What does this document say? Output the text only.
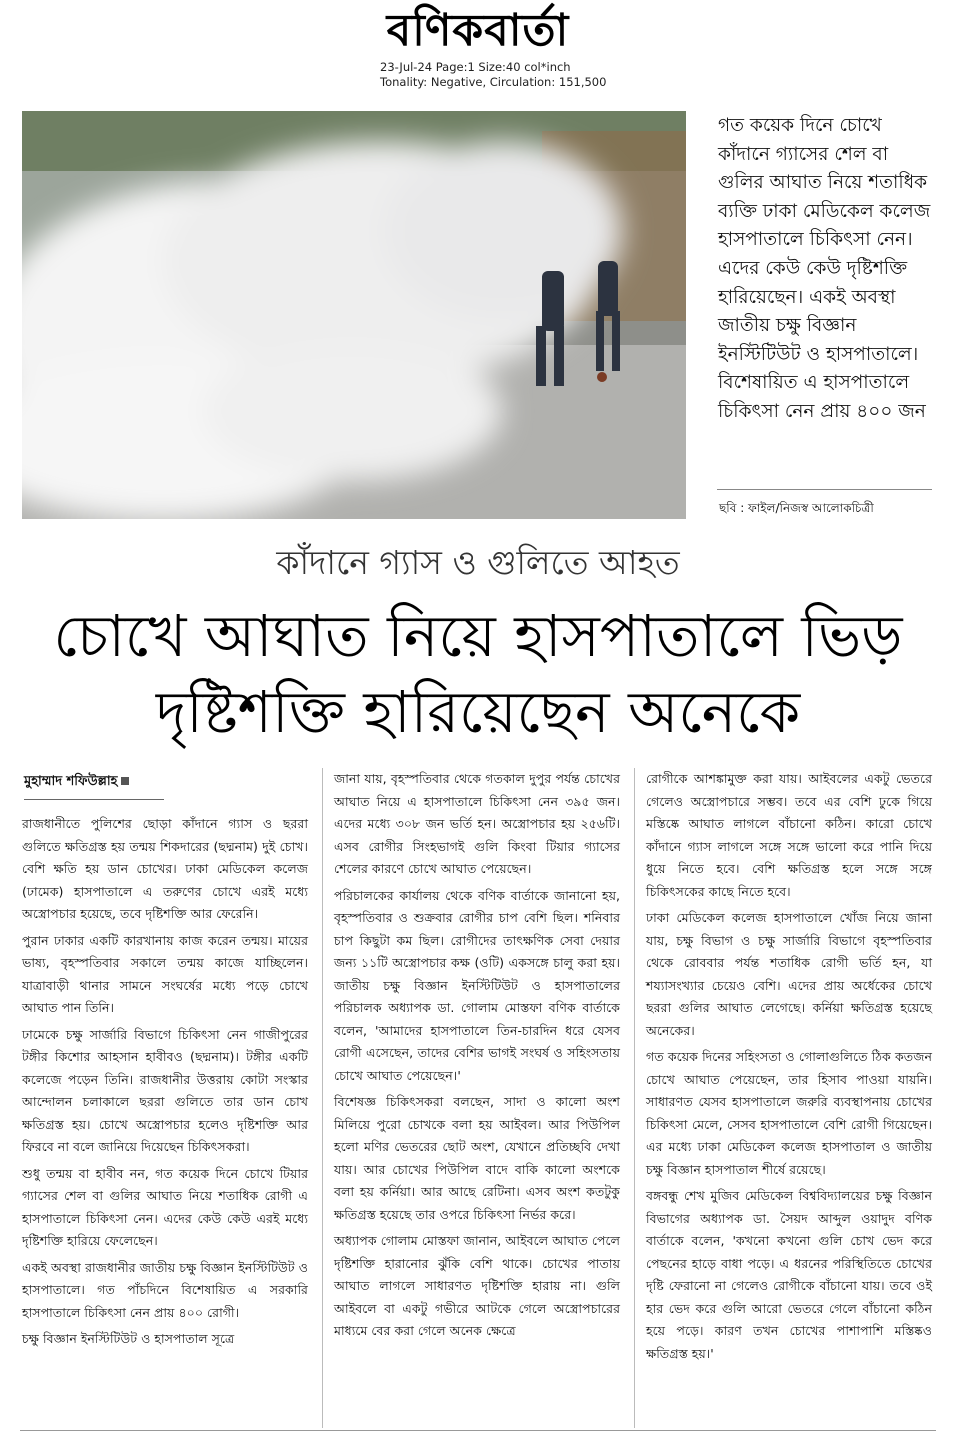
বণিকবার্তা
23-Jul-24 Page:1 Size:40 col*inch
Tonality: Negative, Circulation: 151,500
গত কয়েক দিনে চোখে কাঁদানে গ্যাসের শেল বা গুলির আঘাত নিয়ে শতাধিক ব্যক্তি ঢাকা মেডিকেল কলেজ হাসপাতালে চিকিৎসা নেন। এদের কেউ কেউ দৃষ্টিশক্তি হারিয়েছেন। একই অবস্থা জাতীয় চক্ষু বিজ্ঞান ইনস্টিটিউট ও হাসপাতালে। বিশেষায়িত এ হাসপাতালে চিকিৎসা নেন প্রায় ৪০০ জন
ছবি : ফাইল/নিজস্ব আলোকচিত্রী
কাঁদানে গ্যাস ও গুলিতে আহত
চোখে আঘাত নিয়ে হাসপাতালে ভিড়
দৃষ্টিশক্তি হারিয়েছেন অনেকে
মুহাম্মাদ শফিউল্লাহ

রাজধানীতে পুলিশের ছোড়া কাঁদানে গ্যাস ও ছররা গুলিতে ক্ষতিগ্রস্ত হয় তন্ময় শিকদারের (ছদ্মনাম) দুই চোখ। বেশি ক্ষতি হয় ডান চোখের। ঢাকা মেডিকেল কলেজ (ঢামেক) হাসপাতালে এ তরুণের চোখে এরই মধ্যে অস্ত্রোপচার হয়েছে, তবে দৃষ্টিশক্তি আর ফেরেনি।

পুরান ঢাকার একটি কারখানায় কাজ করেন তন্ময়। মায়ের ভাষ্য, বৃহস্পতিবার সকালে তন্ময় কাজে যাচ্ছিলেন। যাত্রাবাড়ী থানার সামনে সংঘর্ষের মধ্যে পড়ে চোখে আঘাত পান তিনি।

ঢামেকে চক্ষু সার্জারি বিভাগে চিকিৎসা নেন গাজীপুরের টঙ্গীর কিশোর আহসান হাবীবও (ছদ্মনাম)। টঙ্গীর একটি কলেজে পড়েন তিনি। রাজধানীর উত্তরায় কোটা সংস্কার আন্দোলন চলাকালে ছররা গুলিতে তার ডান চোখ ক্ষতিগ্রস্ত হয়। চোখে অস্ত্রোপচার হলেও দৃষ্টিশক্তি আর ফিরবে না বলে জানিয়ে দিয়েছেন চিকিৎসকরা।

শুধু তন্ময় বা হাবীব নন, গত কয়েক দিনে চোখে টিয়ার গ্যাসের শেল বা গুলির আঘাত নিয়ে শতাধিক রোগী এ হাসপাতালে চিকিৎসা নেন। এদের কেউ কেউ এরই মধ্যে দৃষ্টিশক্তি হারিয়ে ফেলেছেন।

একই অবস্থা রাজধানীর জাতীয় চক্ষু বিজ্ঞান ইনস্টিটিউট ও হাসপাতালে। গত পাঁচদিনে বিশেষায়িত এ সরকারি হাসপাতালে চিকিৎসা নেন প্রায় ৪০০ রোগী।

চক্ষু বিজ্ঞান ইনস্টিটিউট ও হাসপাতাল সূত্রে

জানা যায়, বৃহস্পতিবার থেকে গতকাল দুপুর পর্যন্ত চোখের আঘাত নিয়ে এ হাসপাতালে চিকিৎসা নেন ৩৯৫ জন। এদের মধ্যে ৩০৮ জন ভর্তি হন। অস্ত্রোপচার হয় ২৫৬টি। এসব রোগীর সিংহভাগই গুলি কিংবা টিয়ার গ্যাসের শেলের কারণে চোখে আঘাত পেয়েছেন।

পরিচালকের কার্যালয় থেকে বণিক বার্তাকে জানানো হয়, বৃহস্পতিবার ও শুক্রবার রোগীর চাপ বেশি ছিল। শনিবার চাপ কিছুটা কম ছিল। রোগীদের তাৎক্ষণিক সেবা দেয়ার জন্য ১১টি অস্ত্রোপচার কক্ষ (ওটি) একসঙ্গে চালু করা হয়। জাতীয় চক্ষু বিজ্ঞান ইনস্টিটিউট ও হাসপাতালের পরিচালক অধ্যাপক ডা. গোলাম মোস্তফা বণিক বার্তাকে বলেন, 'আমাদের হাসপাতালে তিন-চারদিন ধরে যেসব রোগী এসেছেন, তাদের বেশির ভাগই সংঘর্ষ ও সহিংসতায় চোখে আঘাত পেয়েছেন।'

বিশেষজ্ঞ চিকিৎসকরা বলছেন, সাদা ও কালো অংশ মিলিয়ে পুরো চোখকে বলা হয় আইবল। আর পিউপিল হলো মণির ভেতরের ছোট অংশ, যেখানে প্রতিচ্ছবি দেখা যায়। আর চোখের পিউপিল বাদে বাকি কালো অংশকে বলা হয় কর্নিয়া। আর আছে রেটিনা। এসব অংশ কতটুকু ক্ষতিগ্রস্ত হয়েছে তার ওপরে চিকিৎসা নির্ভর করে।

অধ্যাপক গোলাম মোস্তফা জানান, আইবলে আঘাত পেলে দৃষ্টিশক্তি হারানোর ঝুঁকি বেশি থাকে। চোখের পাতায় আঘাত লাগলে সাধারণত দৃষ্টিশক্তি হারায় না। গুলি আইবলে বা একটু গভীরে আটকে গেলে অস্ত্রোপচারের মাধ্যমে বের করা গেলে অনেক ক্ষেত্রে

রোগীকে আশঙ্কামুক্ত করা যায়। আইবলের একটু ভেতরে গেলেও অস্ত্রোপচারে সম্ভব। তবে এর বেশি ঢুকে গিয়ে মস্তিষ্কে আঘাত লাগলে বাঁচানো কঠিন। কারো চোখে কাঁদানে গ্যাস লাগলে সঙ্গে সঙ্গে ভালো করে পানি দিয়ে ধুয়ে নিতে হবে। বেশি ক্ষতিগ্রস্ত হলে সঙ্গে সঙ্গে চিকিৎসকের কাছে নিতে হবে।

ঢাকা মেডিকেল কলেজ হাসপাতালে খোঁজ নিয়ে জানা যায়, চক্ষু বিভাগ ও চক্ষু সার্জারি বিভাগে বৃহস্পতিবার থেকে রোববার পর্যন্ত শতাধিক রোগী ভর্তি হন, যা শয্যাসংখ্যার চেয়েও বেশি। এদের প্রায় অর্ধেকের চোখে ছররা গুলির আঘাত লেগেছে। কর্নিয়া ক্ষতিগ্রস্ত হয়েছে অনেকের।

গত কয়েক দিনের সহিংসতা ও গোলাগুলিতে ঠিক কতজন চোখে আঘাত পেয়েছেন, তার হিসাব পাওয়া যায়নি। সাধারণত যেসব হাসপাতালে জরুরি ব্যবস্থাপনায় চোখের চিকিৎসা মেলে, সেসব হাসপাতালে বেশি রোগী গিয়েছেন। এর মধ্যে ঢাকা মেডিকেল কলেজ হাসপাতাল ও জাতীয় চক্ষু বিজ্ঞান হাসপাতাল শীর্ষে রয়েছে।

বঙ্গবন্ধু শেখ মুজিব মেডিকেল বিশ্ববিদ্যালয়ের চক্ষু বিজ্ঞান বিভাগের অধ্যাপক ডা. সৈয়দ আব্দুল ওয়াদুদ বণিক বার্তাকে বলেন, 'কখনো কখনো গুলি চোখ ভেদ করে পেছনের হাড়ে বাধা পড়ে। এ ধরনের পরিস্থিতিতে চোখের দৃষ্টি ফেরানো না গেলেও রোগীকে বাঁচানো যায়। তবে ওই হার ভেদ করে গুলি আরো ভেতরে গেলে বাঁচানো কঠিন হয়ে পড়ে। কারণ তখন চোখের পাশাপাশি মস্তিষ্কও ক্ষতিগ্রস্ত হয়।'
